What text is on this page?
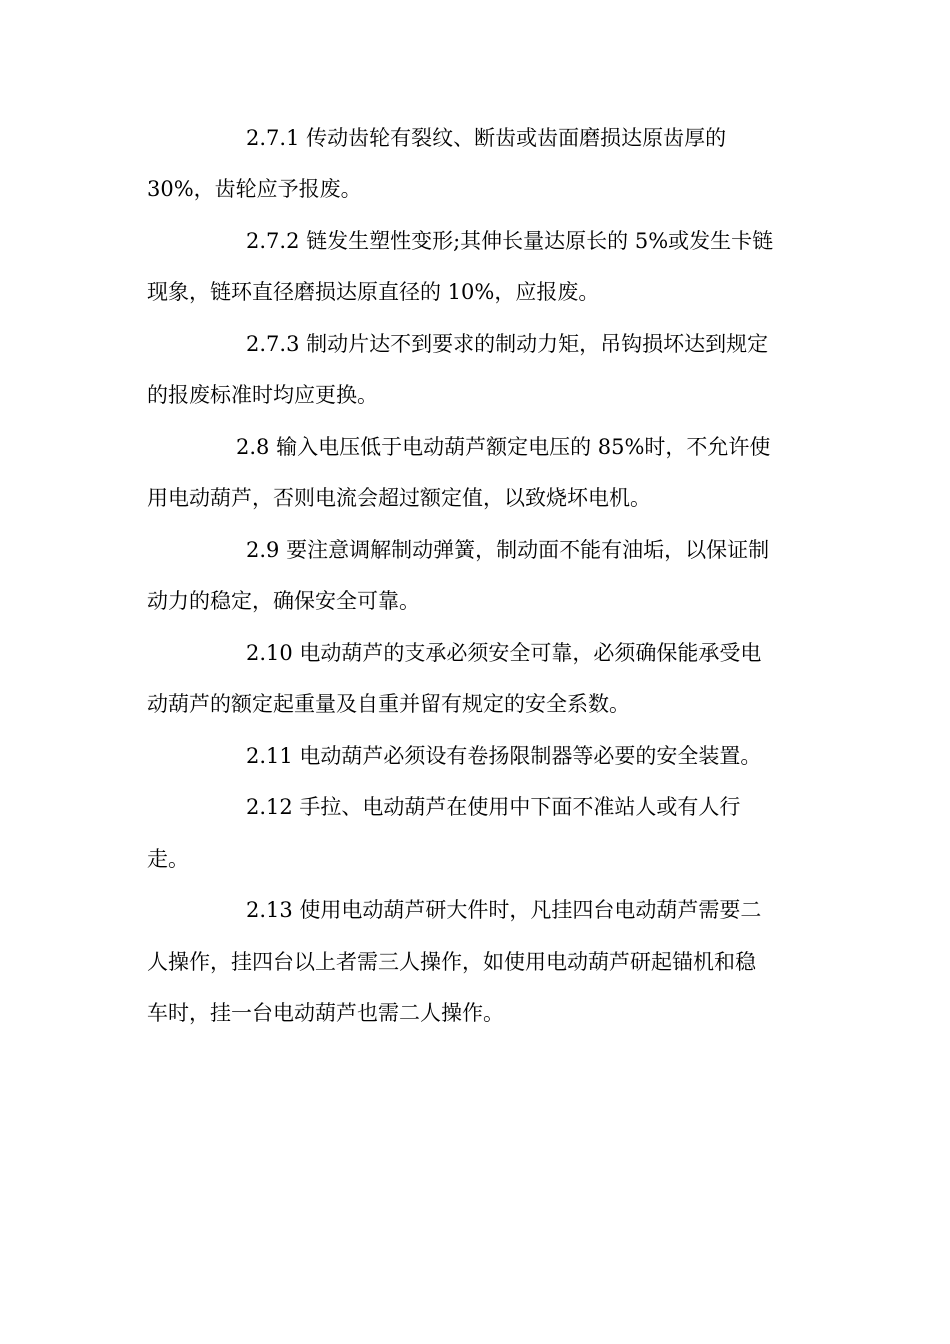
2.7.1 传动齿轮有裂纹、断齿或齿面磨损达原齿厚的
30%，齿轮应予报废。
2.7.2 链发生塑性变形;其伸长量达原长的 5%或发生卡链
现象，链环直径磨损达原直径的 10%，应报废。
2.7.3 制动片达不到要求的制动力矩，吊钩损坏达到规定
的报废标准时均应更换。
2.8 输入电压低于电动葫芦额定电压的 85%时，不允许使
用电动葫芦，否则电流会超过额定值，以致烧坏电机。
2.9 要注意调解制动弹簧，制动面不能有油垢，以保证制
动力的稳定，确保安全可靠。
2.10 电动葫芦的支承必须安全可靠，必须确保能承受电
动葫芦的额定起重量及自重并留有规定的安全系数。
2.11 电动葫芦必须设有卷扬限制器等必要的安全装置。
2.12 手拉、电动葫芦在使用中下面不准站人或有人行
走。
2.13 使用电动葫芦研大件时，凡挂四台电动葫芦需要二
人操作，挂四台以上者需三人操作，如使用电动葫芦研起锚机和稳
车时，挂一台电动葫芦也需二人操作。
